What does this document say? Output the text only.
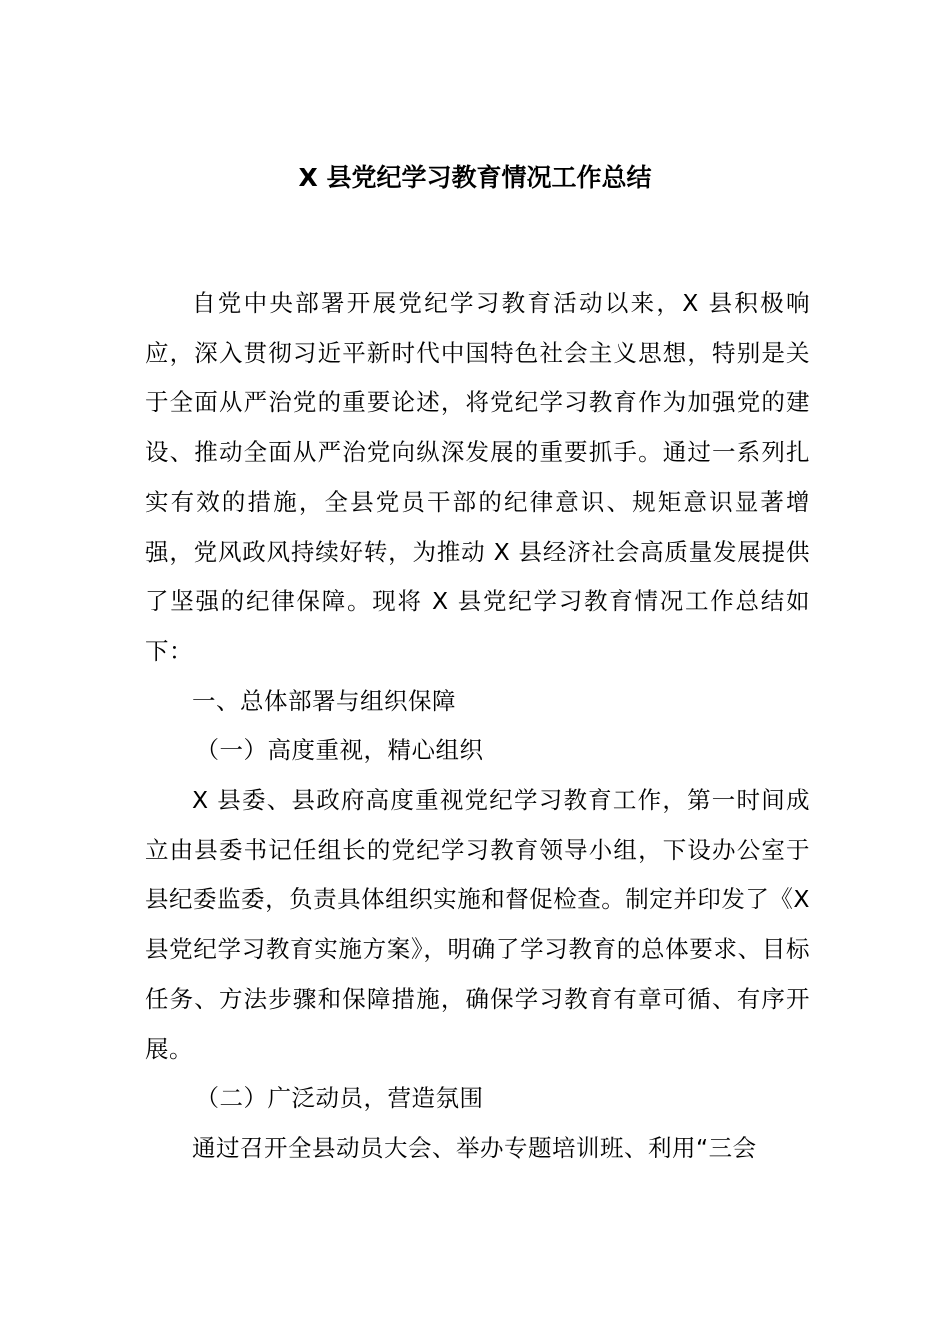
X 县党纪学习教育情况工作总结

自党中央部署开展党纪学习教育活动以来，X 县积极响应，深入贯彻习近平新时代中国特色社会主义思想，特别是关于全面从严治党的重要论述，将党纪学习教育作为加强党的建设、推动全面从严治党向纵深发展的重要抓手。通过一系列扎实有效的措施，全县党员干部的纪律意识、规矩意识显著增强，党风政风持续好转，为推动 X 县经济社会高质量发展提供了坚强的纪律保障。现将 X 县党纪学习教育情况工作总结如下：

一、总体部署与组织保障

（一）高度重视，精心组织

X 县委、县政府高度重视党纪学习教育工作，第一时间成立由县委书记任组长的党纪学习教育领导小组，下设办公室于县纪委监委，负责具体组织实施和督促检查。制定并印发了《X 县党纪学习教育实施方案》，明确了学习教育的总体要求、目标任务、方法步骤和保障措施，确保学习教育有章可循、有序开展。

（二）广泛动员，营造氛围

通过召开全县动员大会、举办专题培训班、利用“三会
